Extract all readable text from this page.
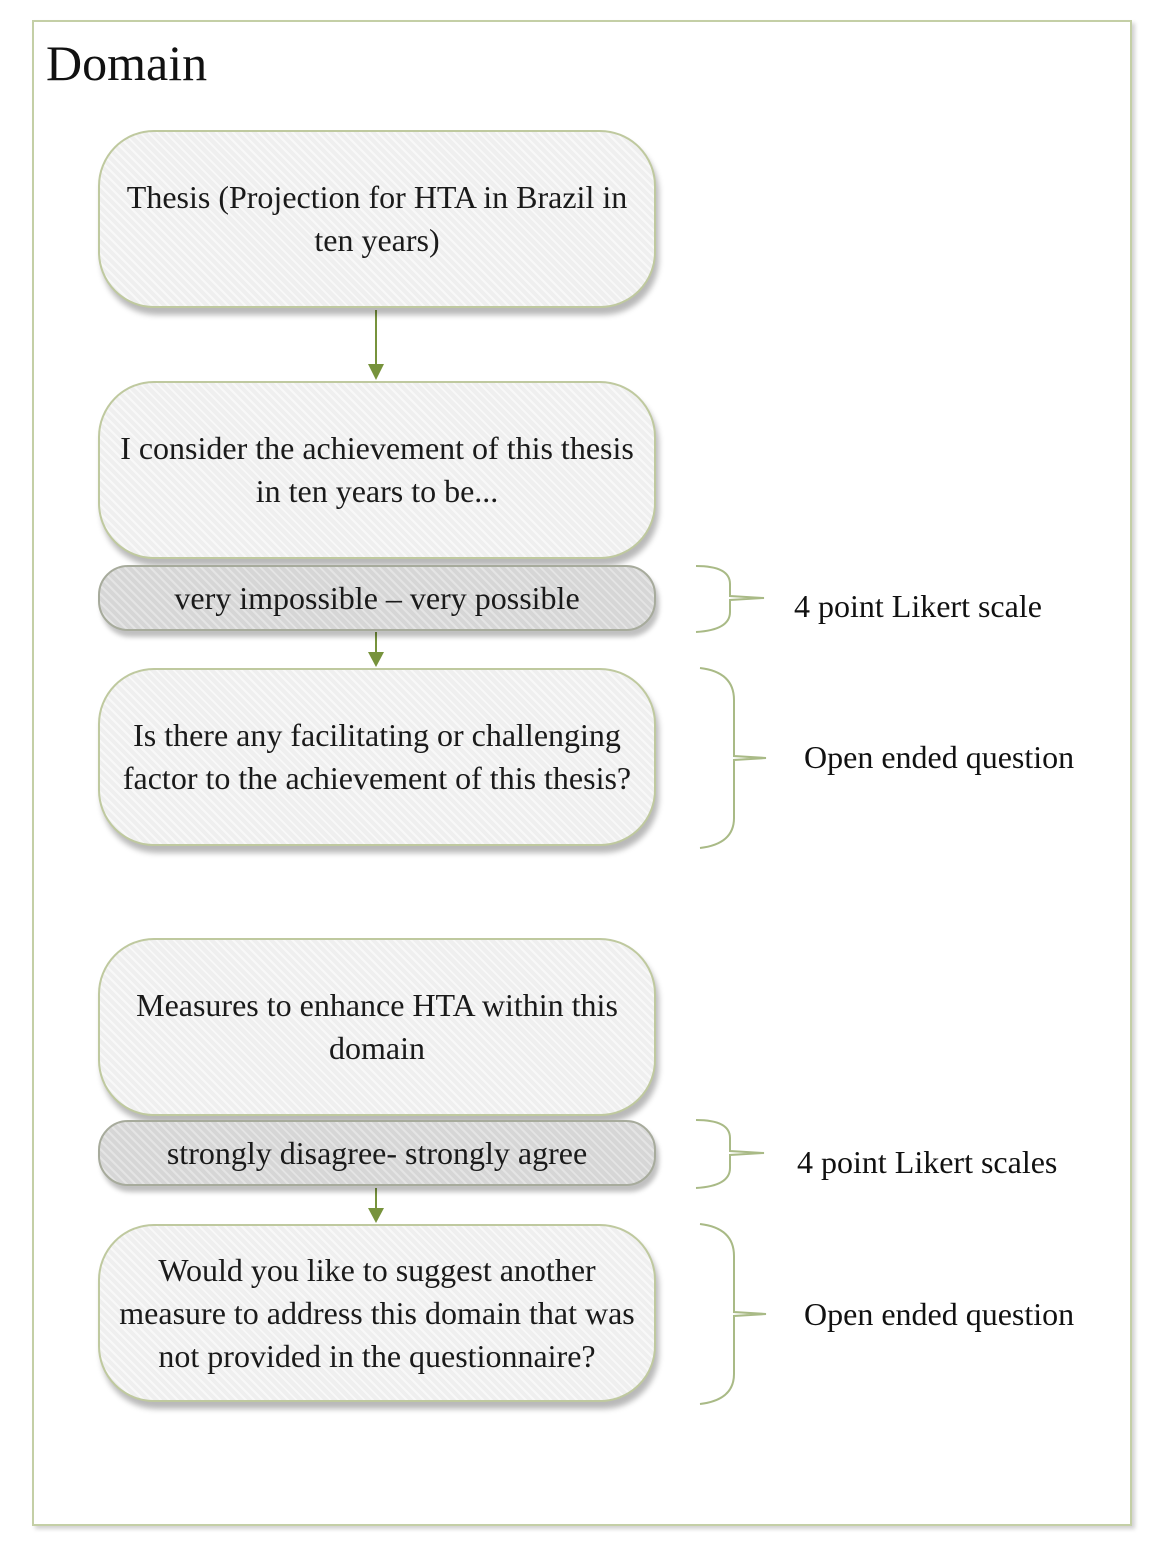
Domain
Thesis (Projection for HTA in Brazil in ten years)
I consider the achievement of this thesis in ten years to be...
very impossible – very possible
Is there any facilitating or challenging factor to the achievement of this thesis?
Measures to enhance HTA within this domain
strongly disagree- strongly agree
Would you like to suggest another measure to address this domain that was not provided in the questionnaire?
4 point Likert scale
Open ended question
4 point Likert scales
Open ended question
